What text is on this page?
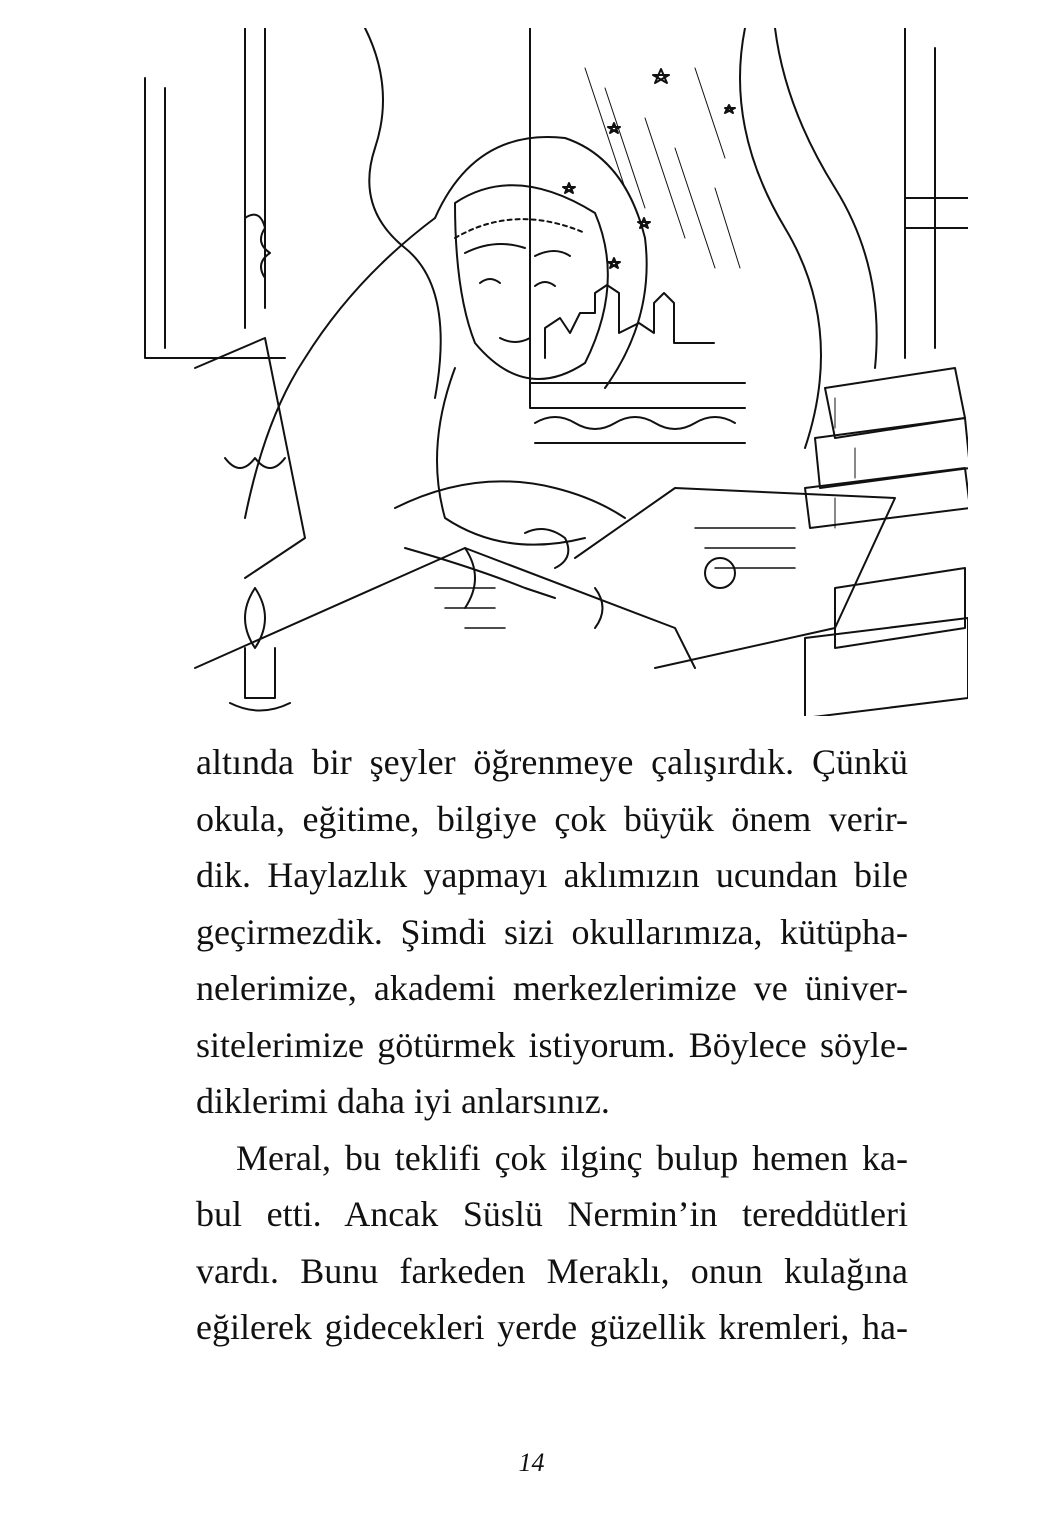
altında bir şeyler öğrenmeye çalışırdık. Çünkü
okula, eğitime, bilgiye çok büyük önem verir-
dik. Haylazlık yapmayı aklımızın ucundan bile
geçirmezdik. Şimdi sizi okullarımıza, kütüpha-
nelerimize, akademi merkezlerimize ve üniver-
sitelerimize götürmek istiyorum. Böylece söyle-
diklerimi daha iyi anlarsınız.

Meral, bu teklifi çok ilginç bulup hemen ka-
bul etti. Ancak Süslü Nermin’in tereddütleri
vardı. Bunu farkeden Meraklı, onun kulağına
eğilerek gidecekleri yerde güzellik kremleri, ha-

14
